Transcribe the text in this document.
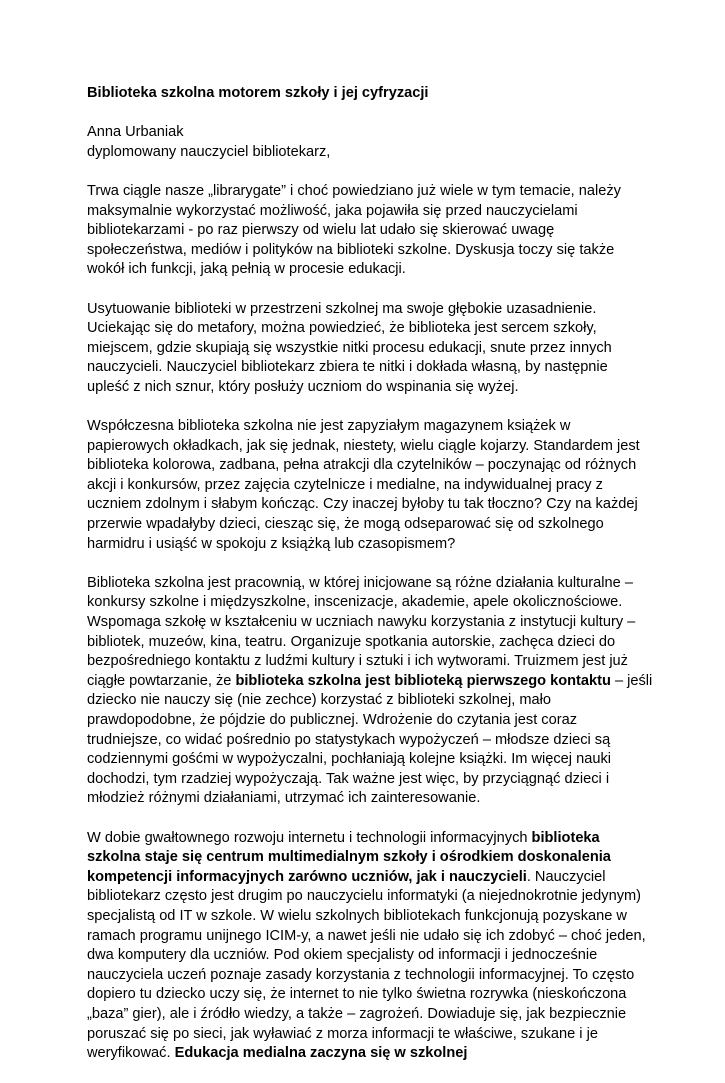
Biblioteka szkolna motorem szkoły i jej cyfryzacji
Anna Urbaniak
dyplomowany nauczyciel bibliotekarz,

Trwa ciągle nasze „librarygate” i choć powiedziano już wiele w tym temacie, należy maksymalnie wykorzystać możliwość, jaka pojawiła się przed nauczycielami bibliotekarzami - po raz pierwszy od wielu lat udało się skierować uwagę społeczeństwa, mediów i polityków na biblioteki szkolne. Dyskusja toczy się także wokół ich funkcji, jaką pełnią w procesie edukacji.

Usytuowanie biblioteki w przestrzeni szkolnej ma swoje głębokie uzasadnienie. Uciekając się do metafory, można powiedzieć, że biblioteka jest sercem szkoły, miejscem, gdzie skupiają się wszystkie nitki procesu edukacji, snute przez innych nauczycieli. Nauczyciel bibliotekarz zbiera te nitki i dokłada własną, by następnie upleść z nich sznur, który posłuży uczniom do wspinania się wyżej.

Współczesna biblioteka szkolna nie jest zapyziałym magazynem książek w papierowych okładkach, jak się jednak, niestety, wielu ciągle kojarzy. Standardem jest biblioteka kolorowa, zadbana, pełna atrakcji dla czytelników – poczynając od różnych akcji i konkursów, przez zajęcia czytelnicze i medialne, na indywidualnej pracy z uczniem zdolnym i słabym kończąc. Czy inaczej byłoby tu tak tłoczno? Czy na każdej przerwie wpadałyby dzieci, ciesząc się, że mogą odseparować się od szkolnego harmidru i usiąść w spokoju z książką lub czasopismem?

Biblioteka szkolna jest pracownią, w której inicjowane są różne działania kulturalne – konkursy szkolne i międzyszkolne, inscenizacje, akademie, apele okolicznościowe. Wspomaga szkołę w kształceniu w uczniach nawyku korzystania z instytucji kultury – bibliotek, muzeów, kina, teatru. Organizuje spotkania autorskie, zachęca dzieci do bezpośredniego kontaktu z ludźmi kultury i sztuki i ich wytworami. Truizmem jest już ciągłe powtarzanie, że biblioteka szkolna jest biblioteką pierwszego kontaktu – jeśli dziecko nie nauczy się (nie zechce) korzystać z biblioteki szkolnej, mało prawdopodobne, że pójdzie do publicznej. Wdrożenie do czytania jest coraz trudniejsze, co widać pośrednio po statystykach wypożyczeń – młodsze dzieci są codziennymi gośćmi w wypożyczalni, pochłaniają kolejne książki. Im więcej nauki dochodzi, tym rzadziej wypożyczają. Tak ważne jest więc, by przyciągnąć dzieci i młodzież różnymi działaniami, utrzymać ich zainteresowanie.

W dobie gwałtownego rozwoju internetu i technologii informacyjnych biblioteka szkolna staje się centrum multimedialnym szkoły i ośrodkiem doskonalenia kompetencji informacyjnych zarówno uczniów, jak i nauczycieli. Nauczyciel bibliotekarz często jest drugim po nauczycielu informatyki (a niejednokrotnie jedynym) specjalistą od IT w szkole. W wielu szkolnych bibliotekach funkcjonują pozyskane w ramach programu unijnego ICIM-y, a nawet jeśli nie udało się ich zdobyć – choć jeden, dwa komputery dla uczniów. Pod okiem specjalisty od informacji i jednocześnie nauczyciela uczeń poznaje zasady korzystania z technologii informacyjnej. To często dopiero tu dziecko uczy się, że internet to nie tylko świetna rozrywka (nieskończona „baza” gier), ale i źródło wiedzy, a także – zagrożeń. Dowiaduje się, jak bezpiecznie poruszać się po sieci, jak wyławiać z morza informacji te właściwe, szukane i je weryfikować. Edukacja medialna zaczyna się w szkolnej
